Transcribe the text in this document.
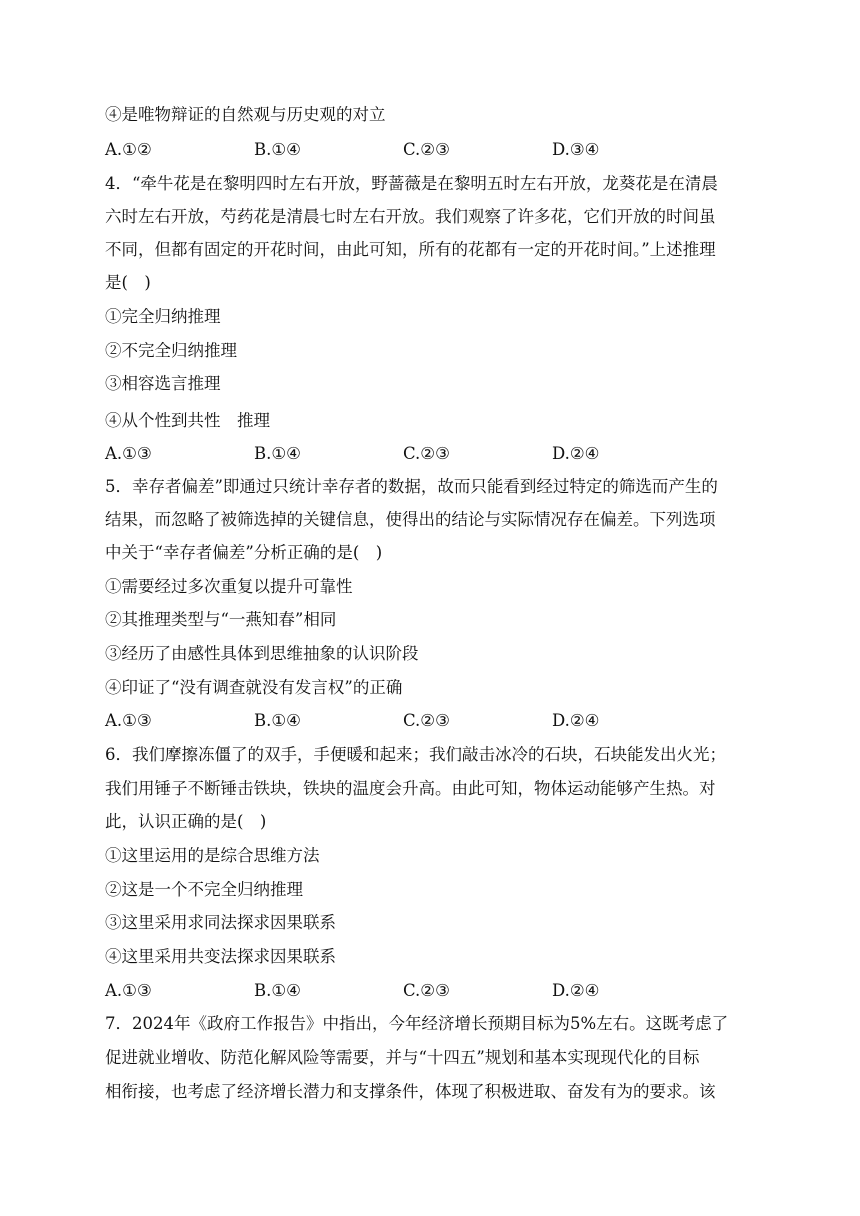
④是唯物辩证的自然观与历史观的对立
A.①②	B.①④	C.②③	D.③④
4．“牵牛花是在黎明四时左右开放，野蔷薇是在黎明五时左右开放，龙葵花是在清晨
六时左右开放，芍药花是清晨七时左右开放。我们观察了许多花，它们开放的时间虽
不同，但都有固定的开花时间，由此可知，所有的花都有一定的开花时间。”上述推理
是(　)
①完全归纳推理
②不完全归纳推理
③相容选言推理
④从个性到共性　推理
A.①③	B.①④	C.②③	D.②④
5．幸存者偏差”即通过只统计幸存者的数据，故而只能看到经过特定的筛选而产生的
结果，而忽略了被筛选掉的关键信息，使得出的结论与实际情况存在偏差。下列选项
中关于“幸存者偏差”分析正确的是(　)
①需要经过多次重复以提升可靠性
②其推理类型与“一燕知春”相同
③经历了由感性具体到思维抽象的认识阶段
④印证了“没有调查就没有发言权”的正确
A.①③	B.①④	C.②③	D.②④
6．我们摩擦冻僵了的双手，手便暖和起来；我们敲击冰冷的石块，石块能发出火光；
我们用锤子不断锤击铁块，铁块的温度会升高。由此可知，物体运动能够产生热。对
此，认识正确的是(　)
①这里运用的是综合思维方法
②这是一个不完全归纳推理
③这里采用求同法探求因果联系
④这里采用共变法探求因果联系
A.①③	B.①④	C.②③	D.②④
7．2024年《政府工作报告》中指出，今年经济增长预期目标为5%左右。这既考虑了
促进就业增收、防范化解风险等需要，并与“十四五”规划和基本实现现代化的目标
相衔接，也考虑了经济增长潜力和支撑条件，体现了积极进取、奋发有为的要求。该
